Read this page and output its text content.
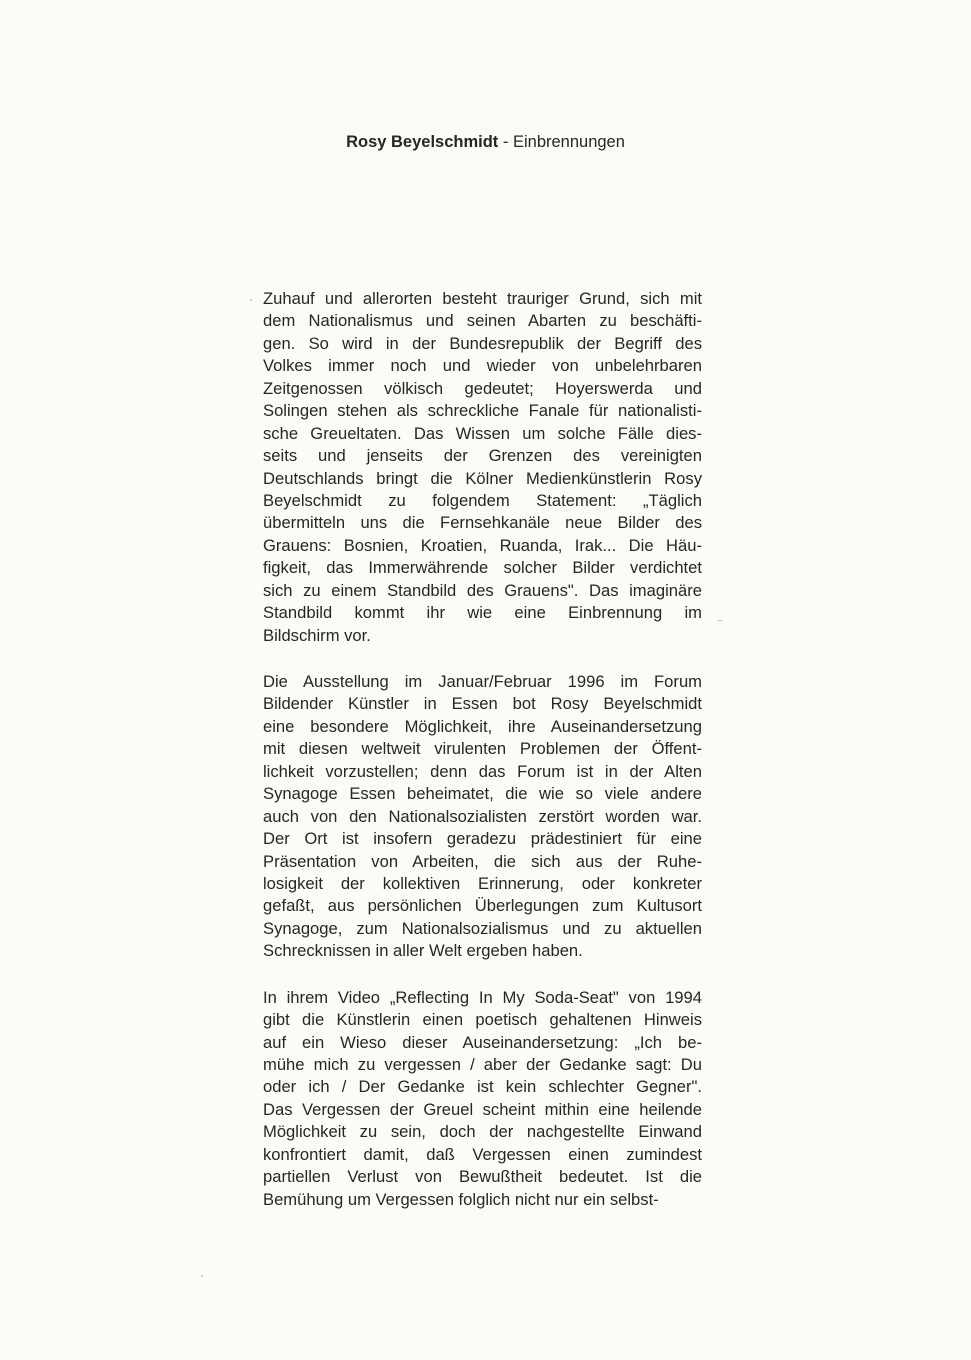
Rosy Beyelschmidt - Einbrennungen
Zuhauf und allerorten besteht trauriger Grund, sich mit
dem Nationalismus und seinen Abarten zu beschäfti-
gen. So wird in der Bundesrepublik der Begriff des
Volkes immer noch und wieder von unbelehrbaren
Zeitgenossen völkisch gedeutet; Hoyerswerda und
Solingen stehen als schreckliche Fanale für nationalisti-
sche Greueltaten. Das Wissen um solche Fälle dies-
seits und jenseits der Grenzen des vereinigten
Deutschlands bringt die Kölner Medienkünstlerin Rosy
Beyelschmidt zu folgendem Statement: „Täglich
übermitteln uns die Fernsehkanäle neue Bilder des
Grauens: Bosnien, Kroatien, Ruanda, Irak... Die Häu-
figkeit, das Immerwährende solcher Bilder verdichtet
sich zu einem Standbild des Grauens". Das imaginäre
Standbild kommt ihr wie eine Einbrennung im
Bildschirm vor.
Die Ausstellung im Januar/Februar 1996 im Forum
Bildender Künstler in Essen bot Rosy Beyelschmidt
eine besondere Möglichkeit, ihre Auseinandersetzung
mit diesen weltweit virulenten Problemen der Öffent-
lichkeit vorzustellen; denn das Forum ist in der Alten
Synagoge Essen beheimatet, die wie so viele andere
auch von den Nationalsozialisten zerstört worden war.
Der Ort ist insofern geradezu prädestiniert für eine
Präsentation von Arbeiten, die sich aus der Ruhe-
losigkeit der kollektiven Erinnerung, oder konkreter
gefaßt, aus persönlichen Überlegungen zum Kultusort
Synagoge, zum Nationalsozialismus und zu aktuellen
Schrecknissen in aller Welt ergeben haben.
In ihrem Video „Reflecting In My Soda-Seat" von 1994
gibt die Künstlerin einen poetisch gehaltenen Hinweis
auf ein Wieso dieser Auseinandersetzung: „Ich be-
mühe mich zu vergessen / aber der Gedanke sagt: Du
oder ich / Der Gedanke ist kein schlechter Gegner".
Das Vergessen der Greuel scheint mithin eine heilende
Möglichkeit zu sein, doch der nachgestellte Einwand
konfrontiert damit, daß Vergessen einen zumindest
partiellen Verlust von Bewußtheit bedeutet. Ist die
Bemühung um Vergessen folglich nicht nur ein selbst-
